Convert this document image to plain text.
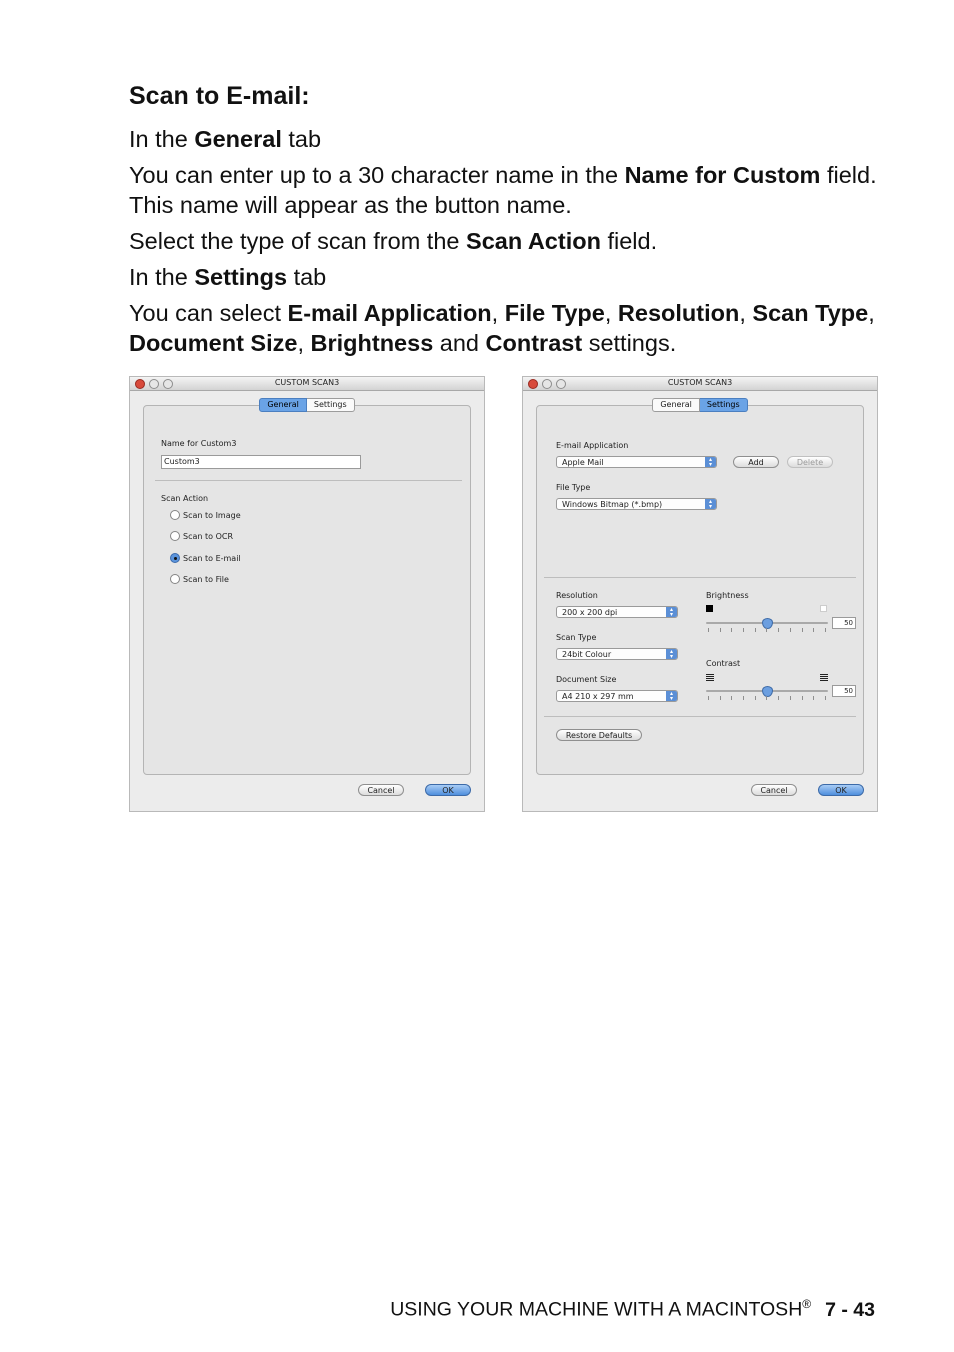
Scan to E-mail:
In the General tab
You can enter up to a 30 character name in the Name for Custom field. This name will appear as the button name.
Select the type of scan from the Scan Action field.
In the Settings tab
You can select E-mail Application, File Type, Resolution, Scan Type, Document Size, Brightness and Contrast settings.
CUSTOM SCAN3
General	Settings
Name for Custom3
Custom3
Scan Action
Scan to Image
Scan to OCR
Scan to E-mail
Scan to File
Cancel	OK
CUSTOM SCAN3
General	Settings
E-mail Application
Apple Mail	▴
▾	Add	Delete
File Type
Windows Bitmap (*.bmp)	▴
▾
Resolution
200 x 200 dpi	▴
▾
Scan Type
24bit Colour	▴
▾
Document Size
A4 210 x 297 mm	▴
▾
Brightness
50
Contrast
50
Restore Defaults
Cancel	OK
USING YOUR MACHINE WITH A MACINTOSH® 7 - 43
